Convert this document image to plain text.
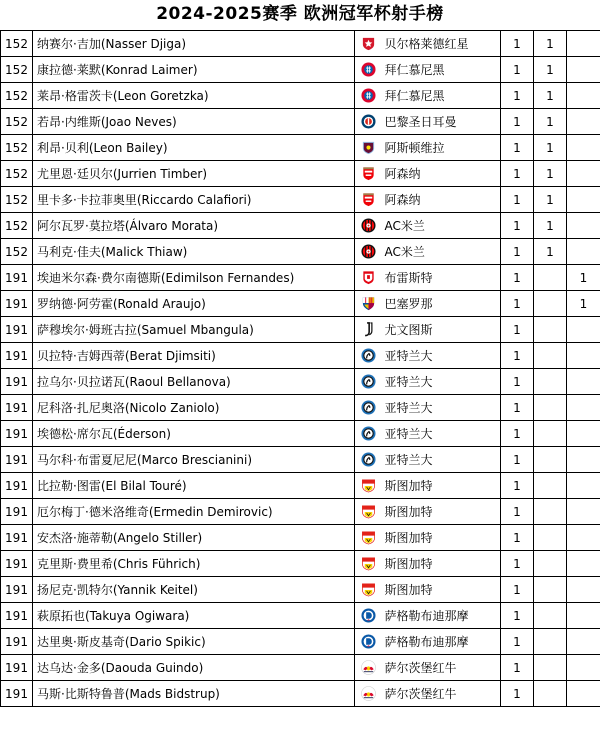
2024-2025赛季 欧洲冠军杯射手榜
152	纳赛尔·吉加(Nasser Djiga)		贝尔格莱德红星	1	1	
152	康拉德·莱默(Konrad Laimer)		拜仁慕尼黑	1	1	
152	莱昂·格雷茨卡(Leon Goretzka)		拜仁慕尼黑	1	1	
152	若昂·内维斯(Joao Neves)		巴黎圣日耳曼	1	1	
152	利昂·贝利(Leon Bailey)		阿斯顿维拉	1	1	
152	尤里恩·廷贝尔(Jurrien Timber)		阿森纳	1	1	
152	里卡多·卡拉菲奥里(Riccardo Calafiori)		阿森纳	1	1	
152	阿尔瓦罗·莫拉塔(Álvaro Morata)		AC米兰	1	1	
152	马利克·佳夫(Malick Thiaw)		AC米兰	1	1	
191	埃迪米尔森·费尔南德斯(Edimilson Fernandes)		布雷斯特	1		1
191	罗纳德·阿劳霍(Ronald Araujo)		巴塞罗那	1		1
191	萨穆埃尔·姆班古拉(Samuel Mbangula)		尤文图斯	1		
191	贝拉特·吉姆西蒂(Berat Djimsiti)		亚特兰大	1		
191	拉乌尔·贝拉诺瓦(Raoul Bellanova)		亚特兰大	1		
191	尼科洛·扎尼奥洛(Nicolo Zaniolo)		亚特兰大	1		
191	埃德松·席尔瓦(Éderson)		亚特兰大	1		
191	马尔科·布雷夏尼尼(Marco Brescianini)		亚特兰大	1		
191	比拉勒·图雷(El Bilal Touré)		斯图加特	1		
191	厄尔梅丁·德米洛维奇(Ermedin Demirovic)		斯图加特	1		
191	安杰洛·施蒂勒(Angelo Stiller)		斯图加特	1		
191	克里斯·费里希(Chris Führich)		斯图加特	1		
191	扬尼克·凯特尔(Yannik Keitel)		斯图加特	1		
191	萩原拓也(Takuya Ogiwara)		萨格勒布迪那摩	1		
191	达里奥·斯皮基奇(Dario Spikic)		萨格勒布迪那摩	1		
191	达乌达·金多(Daouda Guindo)		萨尔茨堡红牛	1		
191	马斯·比斯特鲁普(Mads Bidstrup)		萨尔茨堡红牛	1		
